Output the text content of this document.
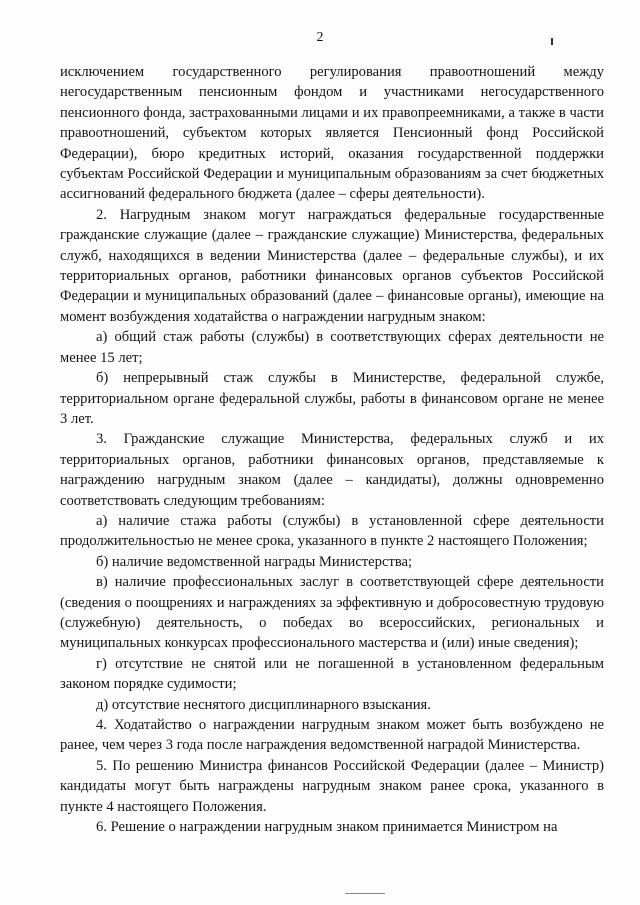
2

исключением государственного регулирования правоотношений между негосударственным пенсионным фондом и участниками негосударственного пенсионного фонда, застрахованными лицами и их правопреемниками, а также в части правоотношений, субъектом которых является Пенсионный фонд Российской Федерации), бюро кредитных историй, оказания государственной поддержки субъектам Российской Федерации и муниципальным образованиям за счет бюджетных ассигнований федерального бюджета (далее – сферы деятельности).

2. Нагрудным знаком могут награждаться федеральные государственные гражданские служащие (далее – гражданские служащие) Министерства, федеральных служб, находящихся в ведении Министерства (далее – федеральные службы), и их территориальных органов, работники финансовых органов субъектов Российской Федерации и муниципальных образований (далее – финансовые органы), имеющие на момент возбуждения ходатайства о награждении нагрудным знаком:

а) общий стаж работы (службы) в соответствующих сферах деятельности не менее 15 лет;

б) непрерывный стаж службы в Министерстве, федеральной службе, территориальном органе федеральной службы, работы в финансовом органе не менее 3 лет.

3. Гражданские служащие Министерства, федеральных служб и их территориальных органов, работники финансовых органов, представляемые к награждению нагрудным знаком (далее – кандидаты), должны одновременно соответствовать следующим требованиям:

а) наличие стажа работы (службы) в установленной сфере деятельности продолжительностью не менее срока, указанного в пункте 2 настоящего Положения;

б) наличие ведомственной награды Министерства;

в) наличие профессиональных заслуг в соответствующей сфере деятельности (сведения о поощрениях и награждениях за эффективную и добросовестную трудовую (служебную) деятельность, о победах во всероссийских, региональных и муниципальных конкурсах профессионального мастерства и (или) иные сведения);

г) отсутствие не снятой или не погашенной в установленном федеральным законом порядке судимости;

д) отсутствие неснятого дисциплинарного взыскания.

4. Ходатайство о награждении нагрудным знаком может быть возбуждено не ранее, чем через 3 года после награждения ведомственной наградой Министерства.

5. По решению Министра финансов Российской Федерации (далее – Министр) кандидаты могут быть награждены нагрудным знаком ранее срока, указанного в пункте 4 настоящего Положения.

6. Решение о награждении нагрудным знаком принимается Министром на
